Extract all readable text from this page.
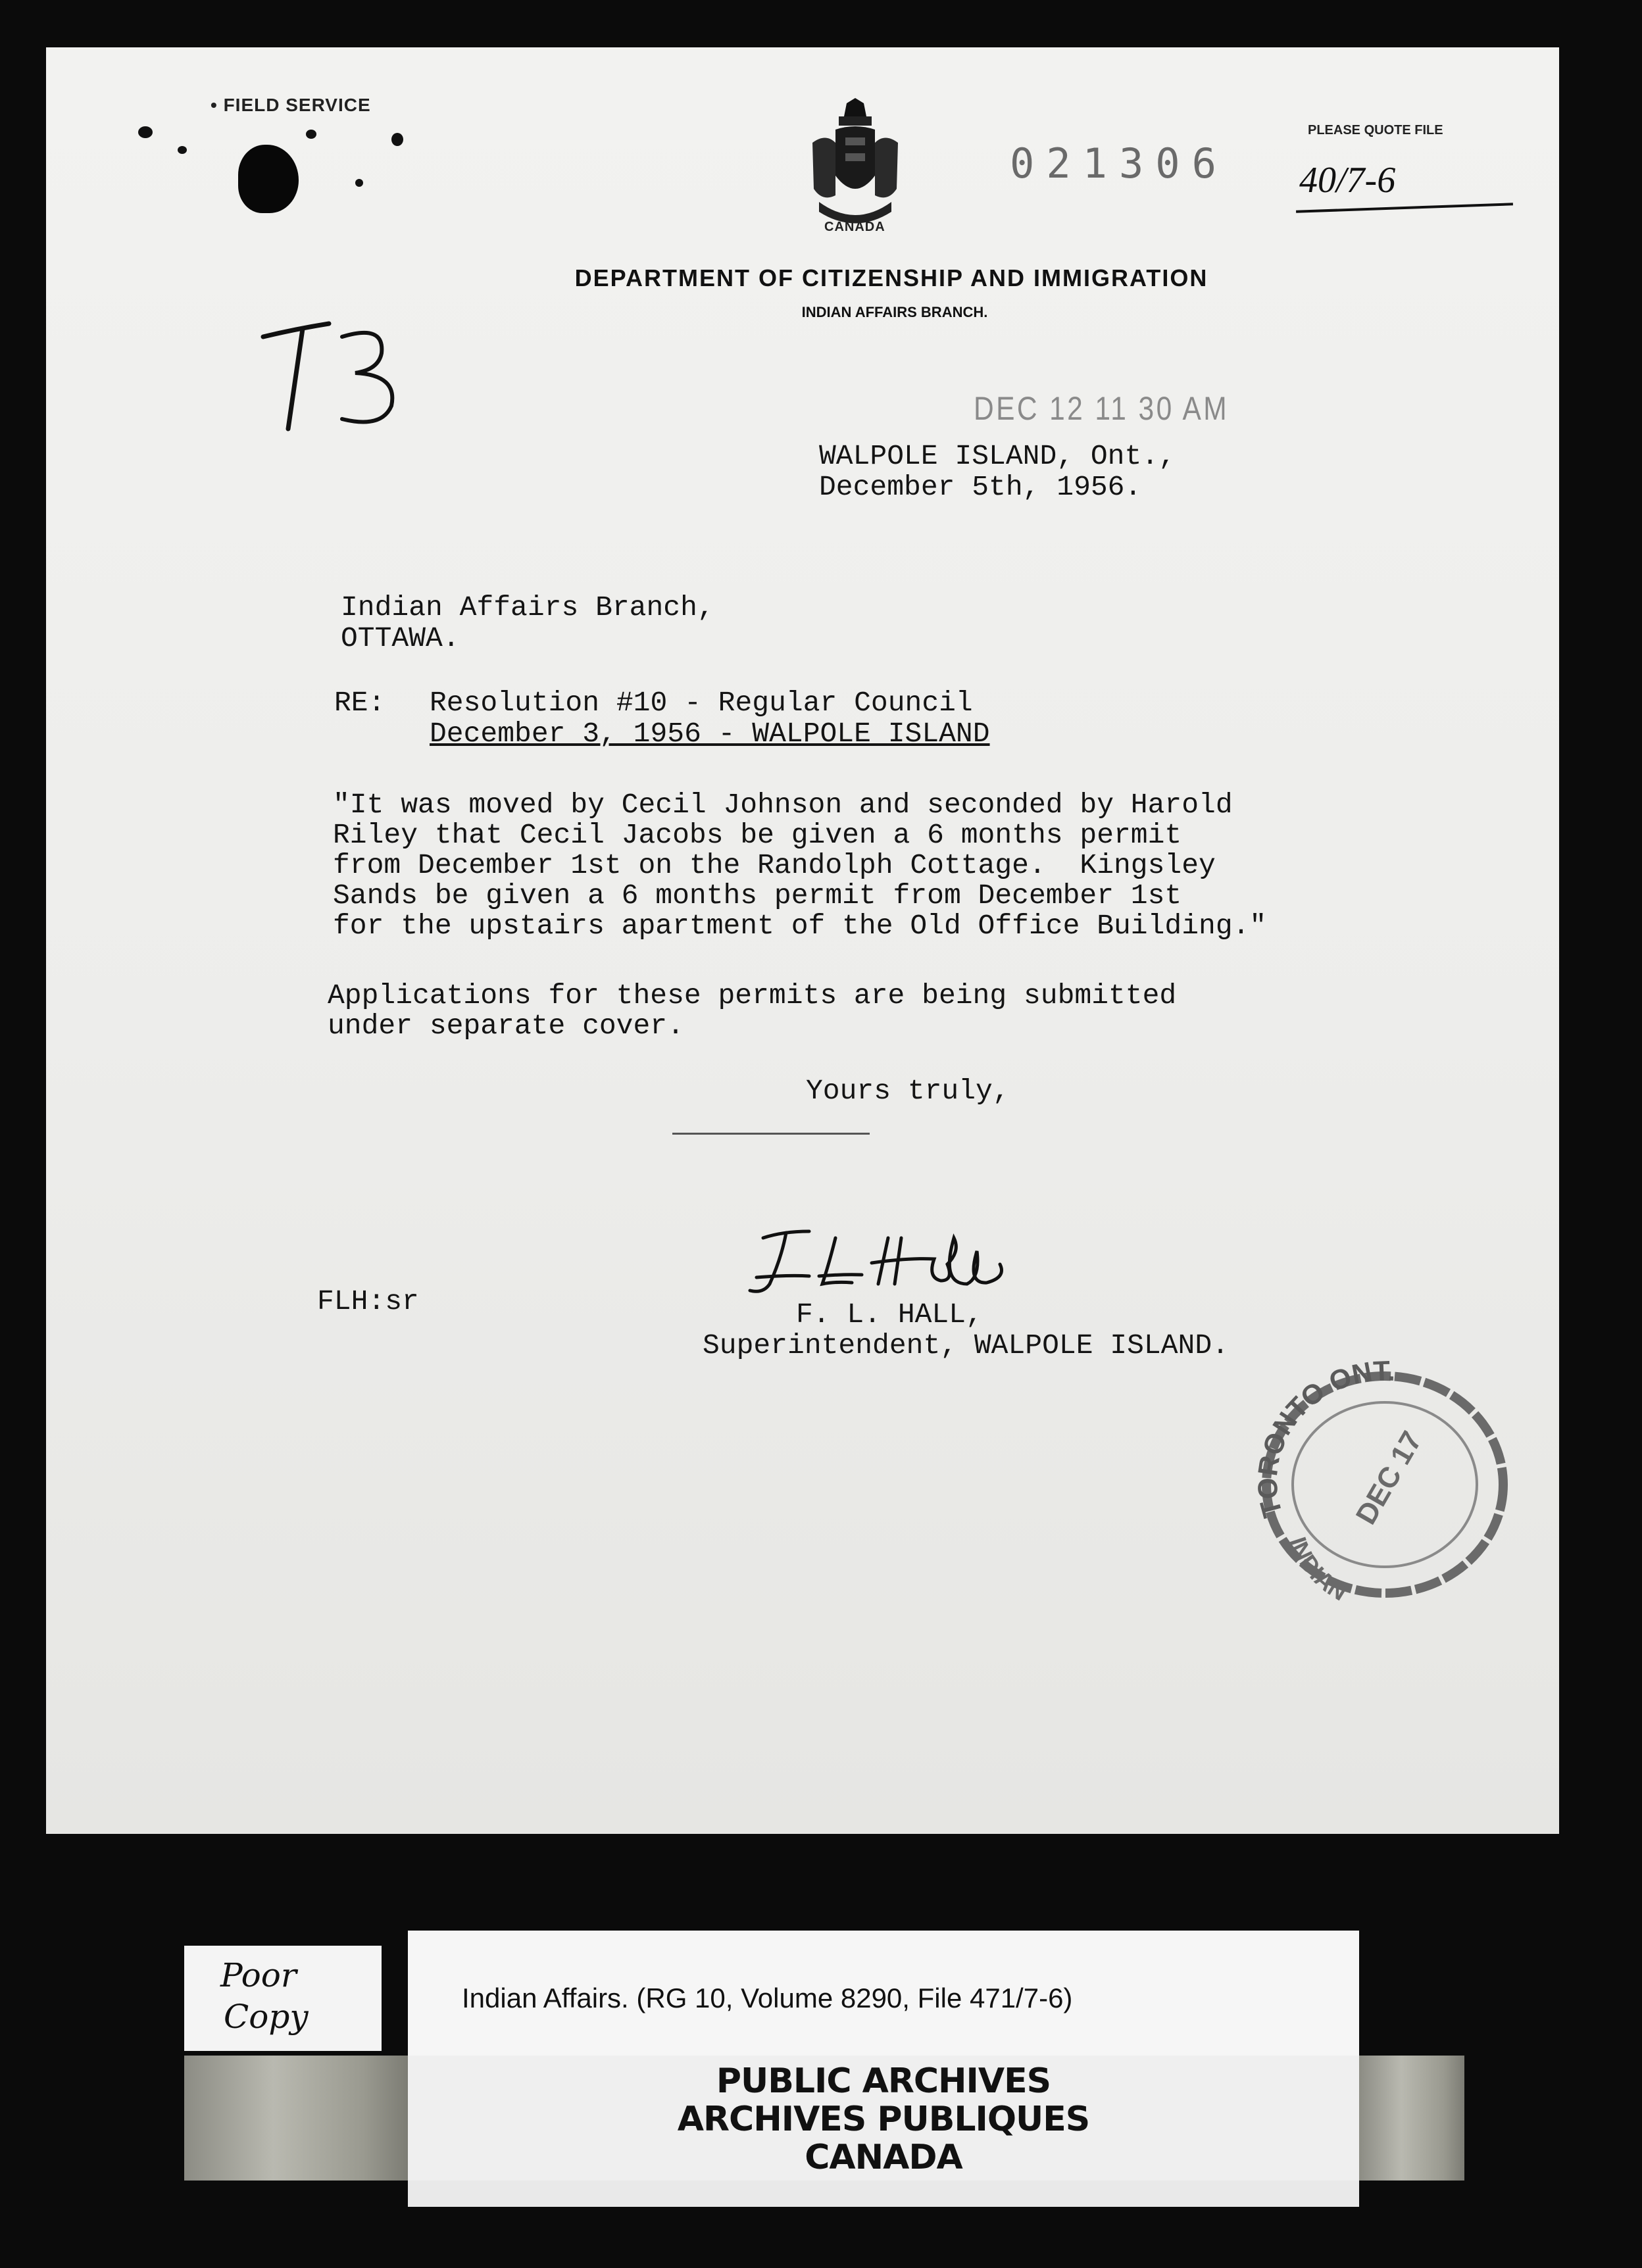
• FIELD SERVICE
CANADA
021306
PLEASE QUOTE FILE
40/7-6
DEPARTMENT OF CITIZENSHIP AND IMMIGRATION
INDIAN AFFAIRS BRANCH.
DEC 12 11 30 AM
WALPOLE ISLAND, Ont.,
December 5th, 1956.
Indian Affairs Branch,
OTTAWA.
RE: Resolution #10 - Regular Council
December 3, 1956 - WALPOLE ISLAND
"It was moved by Cecil Johnson and seconded by Harold
Riley that Cecil Jacobs be given a 6 months permit
from December 1st on the Randolph Cottage.  Kingsley
Sands be given a 6 months permit from December 1st
for the upstairs apartment of the Old Office Building."
Applications for these permits are being submitted
under separate cover.
Yours truly,
FLH:sr	F. L. HALL,
Superintendent, WALPOLE ISLAND.
TORONTO ONT.
DEC 17
INDIAN
Poor
Copy	Indian Affairs. (RG 10, Volume 8290, File 471/7-6)
PUBLIC ARCHIVES
ARCHIVES PUBLIQUES
CANADA
